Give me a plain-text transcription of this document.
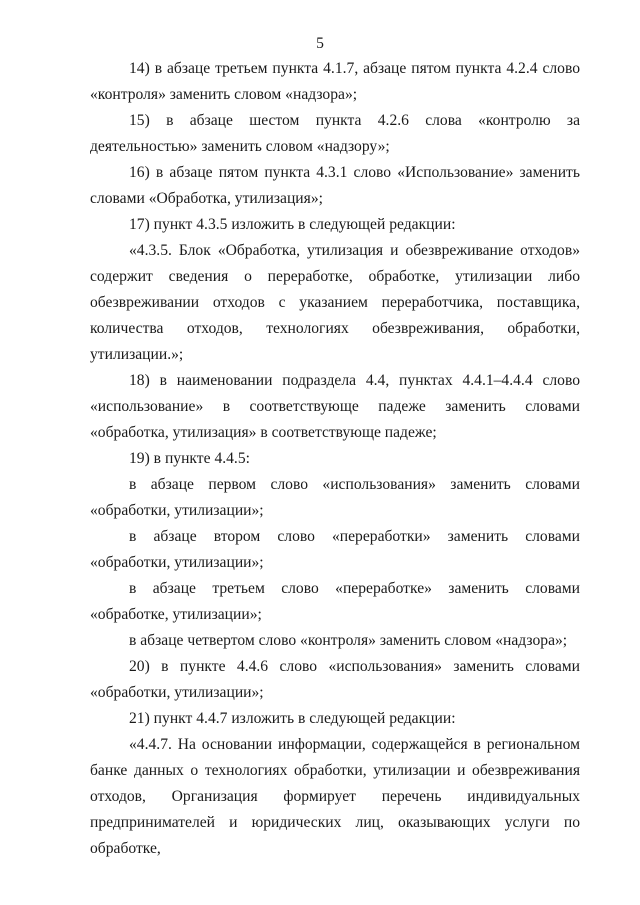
5

14) в абзаце третьем пункта 4.1.7, абзаце пятом пункта 4.2.4 слово «контроля» заменить словом «надзора»;

15) в абзаце шестом пункта 4.2.6 слова «контролю за деятельностью» заменить словом «надзору»;

16) в абзаце пятом пункта 4.3.1 слово «Использование» заменить словами «Обработка, утилизация»;

17) пункт 4.3.5 изложить в следующей редакции:

«4.3.5. Блок «Обработка, утилизация и обезвреживание отходов» содержит сведения о переработке, обработке, утилизации либо обезвреживании отходов с указанием переработчика, поставщика, количества отходов, технологиях обезвреживания, обработки, утилизации.»;

18) в наименовании подраздела 4.4, пунктах 4.4.1–4.4.4 слово «использование» в соответствующе падеже заменить словами «обработка, утилизация» в соответствующе падеже;

19) в пункте 4.4.5:

в абзаце первом слово «использования» заменить словами «обработки, утилизации»;

в абзаце втором слово «переработки» заменить словами «обработки, утилизации»;

в абзаце третьем слово «переработке» заменить словами «обработке, утилизации»;

в абзаце четвертом слово «контроля» заменить словом «надзора»;

20) в пункте 4.4.6 слово «использования» заменить словами «обработки, утилизации»;

21) пункт 4.4.7 изложить в следующей редакции:

«4.4.7. На основании информации, содержащейся в региональном банке данных о технологиях обработки, утилизации и обезвреживания отходов, Организация формирует перечень индивидуальных предпринимателей и юридических лиц, оказывающих услуги по обработке,
